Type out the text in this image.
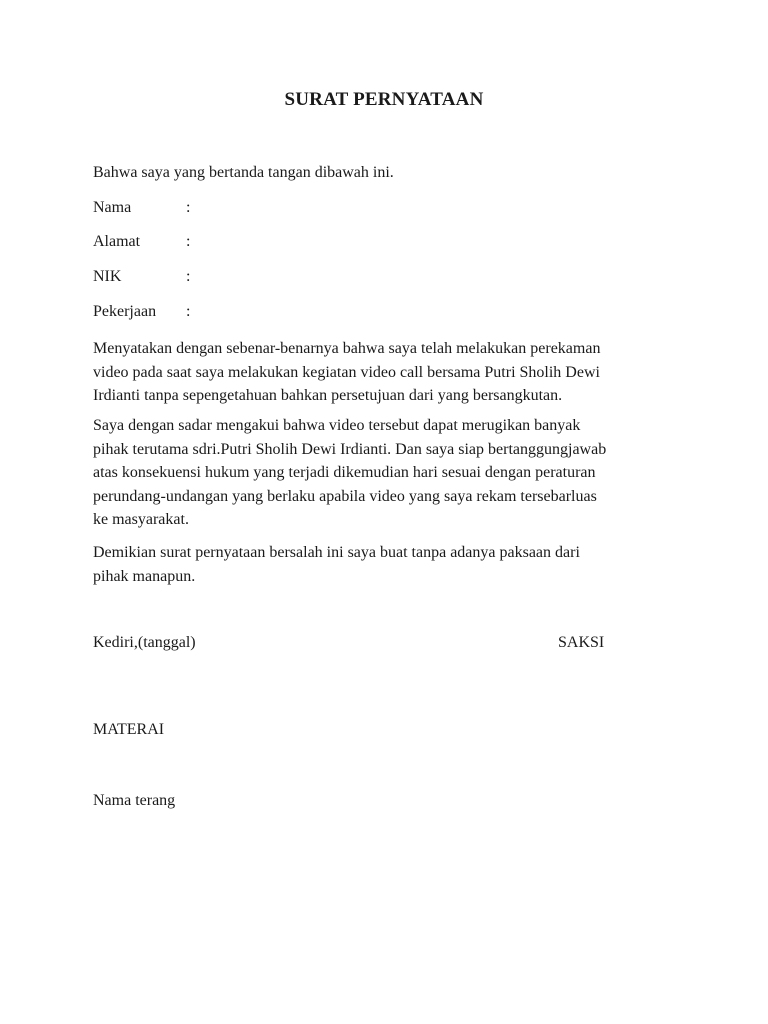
SURAT PERNYATAAN

Bahwa saya yang bertanda tangan dibawah ini.

Nama	:
Alamat	:
NIK	:
Pekerjaan	:

Menyatakan dengan sebenar-benarnya bahwa saya telah melakukan perekaman
video pada saat saya melakukan kegiatan video call bersama Putri Sholih Dewi
Irdianti tanpa sepengetahuan bahkan persetujuan dari yang bersangkutan.

Saya dengan sadar mengakui bahwa video tersebut dapat merugikan banyak
pihak terutama sdri.Putri Sholih Dewi Irdianti. Dan saya siap bertanggungjawab
atas konsekuensi hukum yang terjadi dikemudian hari sesuai dengan peraturan
perundang-undangan yang berlaku apabila video yang saya rekam tersebarluas
ke masyarakat.

Demikian surat pernyataan bersalah ini saya buat tanpa adanya paksaan dari
pihak manapun.

Kediri,(tanggal)	SAKSI

MATERAI

Nama terang
